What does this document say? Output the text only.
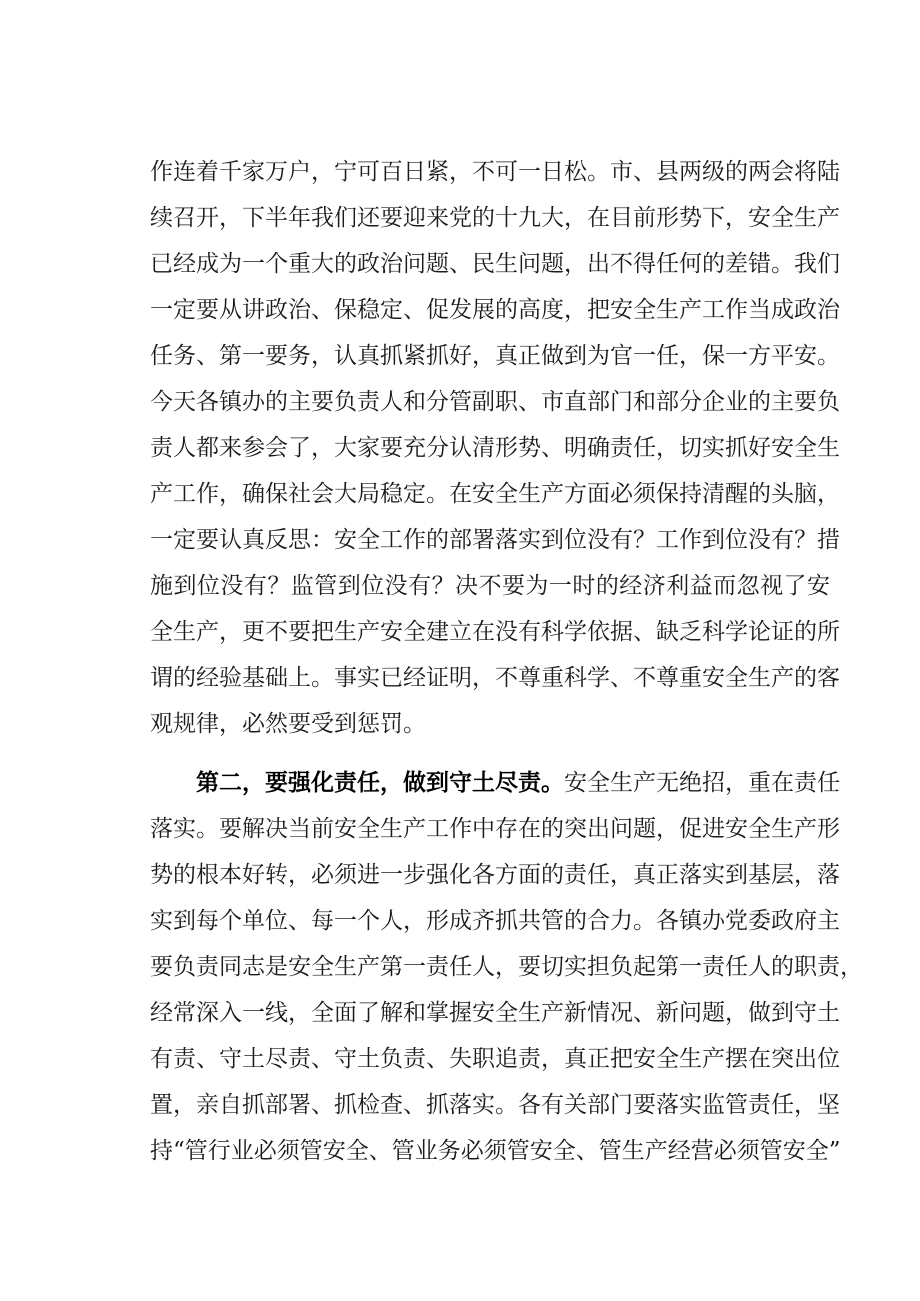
作连着千家万户，宁可百日紧，不可一日松。市、县两级的两会将陆
续召开，下半年我们还要迎来党的十九大，在目前形势下，安全生产
已经成为一个重大的政治问题、民生问题，出不得任何的差错。我们
一定要从讲政治、保稳定、促发展的高度，把安全生产工作当成政治
任务、第一要务，认真抓紧抓好，真正做到为官一任，保一方平安。
今天各镇办的主要负责人和分管副职、市直部门和部分企业的主要负
责人都来参会了，大家要充分认清形势、明确责任，切实抓好安全生
产工作，确保社会大局稳定。在安全生产方面必须保持清醒的头脑，
一定要认真反思：安全工作的部署落实到位没有？工作到位没有？措
施到位没有？监管到位没有？决不要为一时的经济利益而忽视了安
全生产，更不要把生产安全建立在没有科学依据、缺乏科学论证的所
谓的经验基础上。事实已经证明，不尊重科学、不尊重安全生产的客
观规律，必然要受到惩罚。
第二，要强化责任，做到守土尽责。安全生产无绝招，重在责任
落实。要解决当前安全生产工作中存在的突出问题，促进安全生产形
势的根本好转，必须进一步强化各方面的责任，真正落实到基层，落
实到每个单位、每一个人，形成齐抓共管的合力。各镇办党委政府主
要负责同志是安全生产第一责任人，要切实担负起第一责任人的职责，
经常深入一线，全面了解和掌握安全生产新情况、新问题，做到守土
有责、守土尽责、守土负责、失职追责，真正把安全生产摆在突出位
置，亲自抓部署、抓检查、抓落实。各有关部门要落实监管责任，坚
持“管行业必须管安全、管业务必须管安全、管生产经营必须管安全”
